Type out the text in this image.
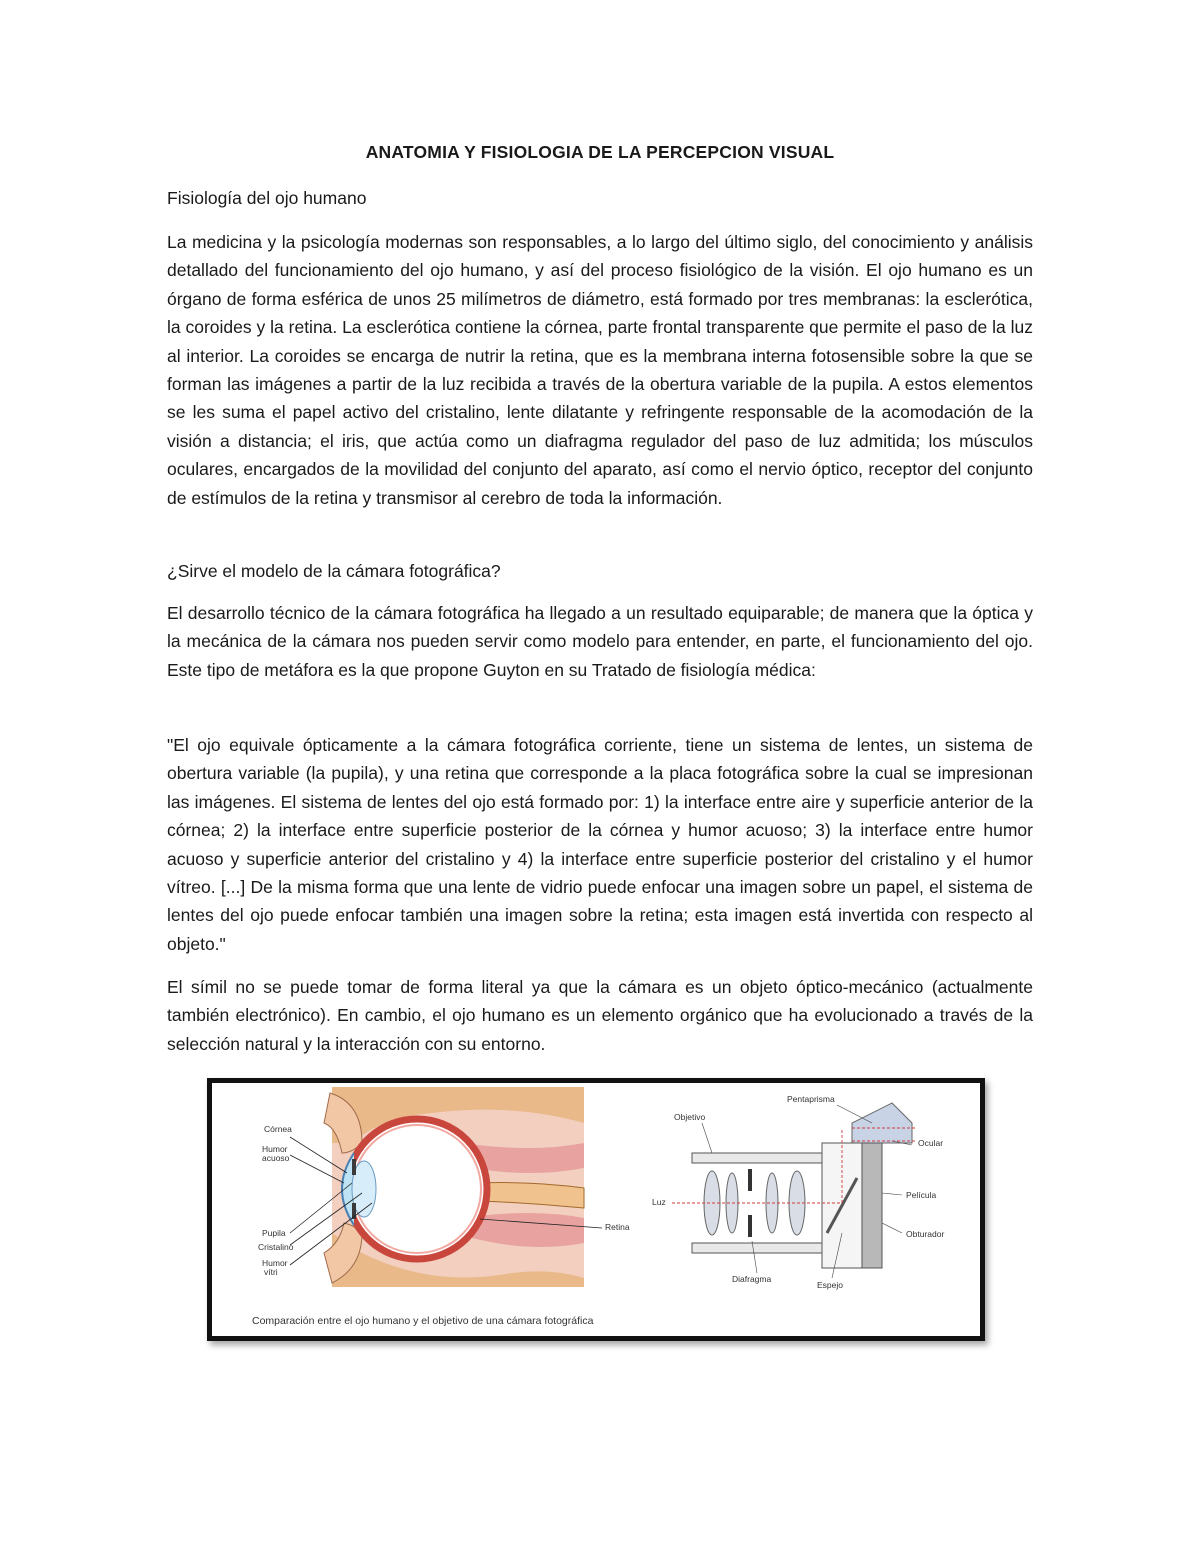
ANATOMIA Y FISIOLOGIA DE LA PERCEPCION VISUAL
Fisiología del ojo humano

La medicina y la psicología modernas son responsables, a lo largo del último siglo, del conocimiento y análisis detallado del funcionamiento del ojo humano, y así del proceso fisiológico de la visión. El ojo humano es un órgano de forma esférica de unos 25 milímetros de diámetro, está formado por tres membranas: la esclerótica, la coroides y la retina. La esclerótica contiene la córnea, parte frontal transparente que permite el paso de la luz al interior. La coroides se encarga de nutrir la retina, que es la membrana interna fotosensible sobre la que se forman las imágenes a partir de la luz recibida a través de la obertura variable de la pupila. A estos elementos se les suma el papel activo del cristalino, lente dilatante y refringente responsable de la acomodación de la visión a distancia; el iris, que actúa como un diafragma regulador del paso de luz admitida; los músculos oculares, encargados de la movilidad del conjunto del aparato, así como el nervio óptico, receptor del conjunto de estímulos de la retina y transmisor al cerebro de toda la información.

¿Sirve el modelo de la cámara fotográfica?

El desarrollo técnico de la cámara fotográfica ha llegado a un resultado equiparable; de manera que la óptica y la mecánica de la cámara nos pueden servir como modelo para entender, en parte, el funcionamiento del ojo. Este tipo de metáfora es la que propone Guyton en su Tratado de fisiología médica:

"El ojo equivale ópticamente a la cámara fotográfica corriente, tiene un sistema de lentes, un sistema de obertura variable (la pupila), y una retina que corresponde a la placa fotográfica sobre la cual se impresionan las imágenes. El sistema de lentes del ojo está formado por: 1) la interface entre aire y superficie anterior de la córnea; 2) la interface entre superficie posterior de la córnea y humor acuoso; 3) la interface entre humor acuoso y superficie anterior del cristalino y 4) la interface entre superficie posterior del cristalino y el humor vítreo. [...] De la misma forma que una lente de vidrio puede enfocar una imagen sobre un papel, el sistema de lentes del ojo puede enfocar también una imagen sobre la retina; esta imagen está invertida con respecto al objeto."

El símil no se puede tomar de forma literal ya que la cámara es un objeto óptico-mecánico (actualmente también electrónico). En cambio, el ojo humano es un elemento orgánico que ha evolucionado a través de la selección natural y la interacción con su entorno.

Córnea
Humor
acuoso
Pupila
Cristalino
Humor
vítri
Retina
Objetivo
Pentaprisma
Ocular
Luz
Película
Obturador
Diafragma
Espejo
Comparación entre el ojo humano y el objetivo de una cámara fotográfica
